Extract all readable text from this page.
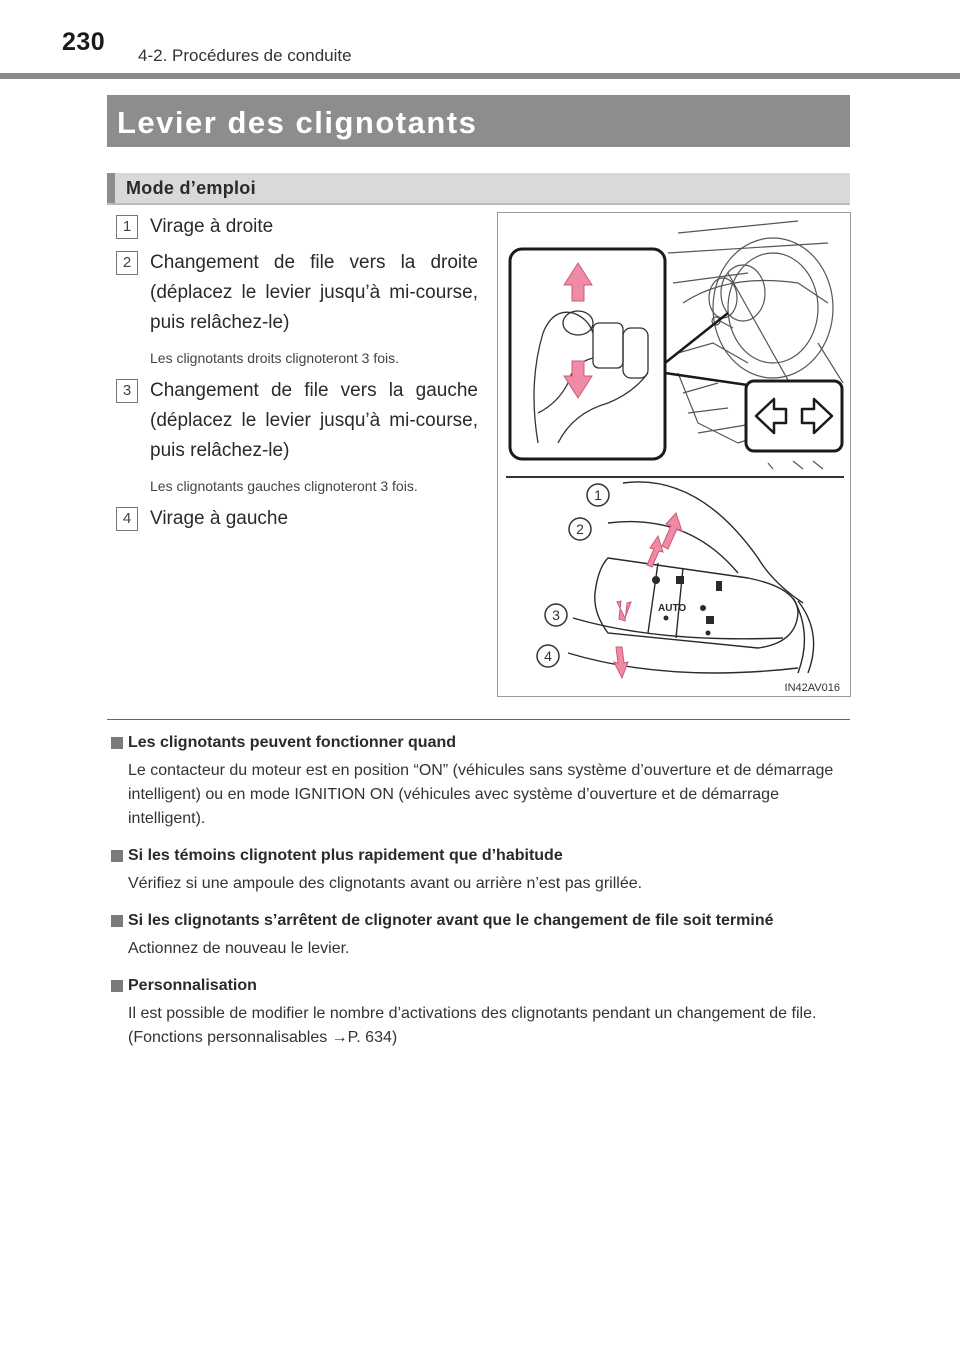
230 4-2. Procédures de conduite
Levier des clignotants
Mode d’emploi
1 Virage à droite
2 Changement de file vers la droite (déplacez le levier jusqu’à mi-course, puis relâchez-le)
Les clignotants droits clignoteront 3 fois.
3 Changement de file vers la gauche (déplacez le levier jusqu’à mi-course, puis relâchez-le)
Les clignotants gauches clignoteront 3 fois.
4 Virage à gauche
AUTO
1
2
3
4
IN42AV016
Les clignotants peuvent fonctionner quand
Le contacteur du moteur est en position “ON” (véhicules sans système d’ouverture et de démarrage intelligent) ou en mode IGNITION ON (véhicules avec système d’ouverture et de démarrage intelligent).
Si les témoins clignotent plus rapidement que d’habitude
Vérifiez si une ampoule des clignotants avant ou arrière n’est pas grillée.
Si les clignotants s’arrêtent de clignoter avant que le changement de file soit terminé
Actionnez de nouveau le levier.
Personnalisation
Il est possible de modifier le nombre d’activations des clignotants pendant un changement de file. (Fonctions personnalisables →P. 634)
